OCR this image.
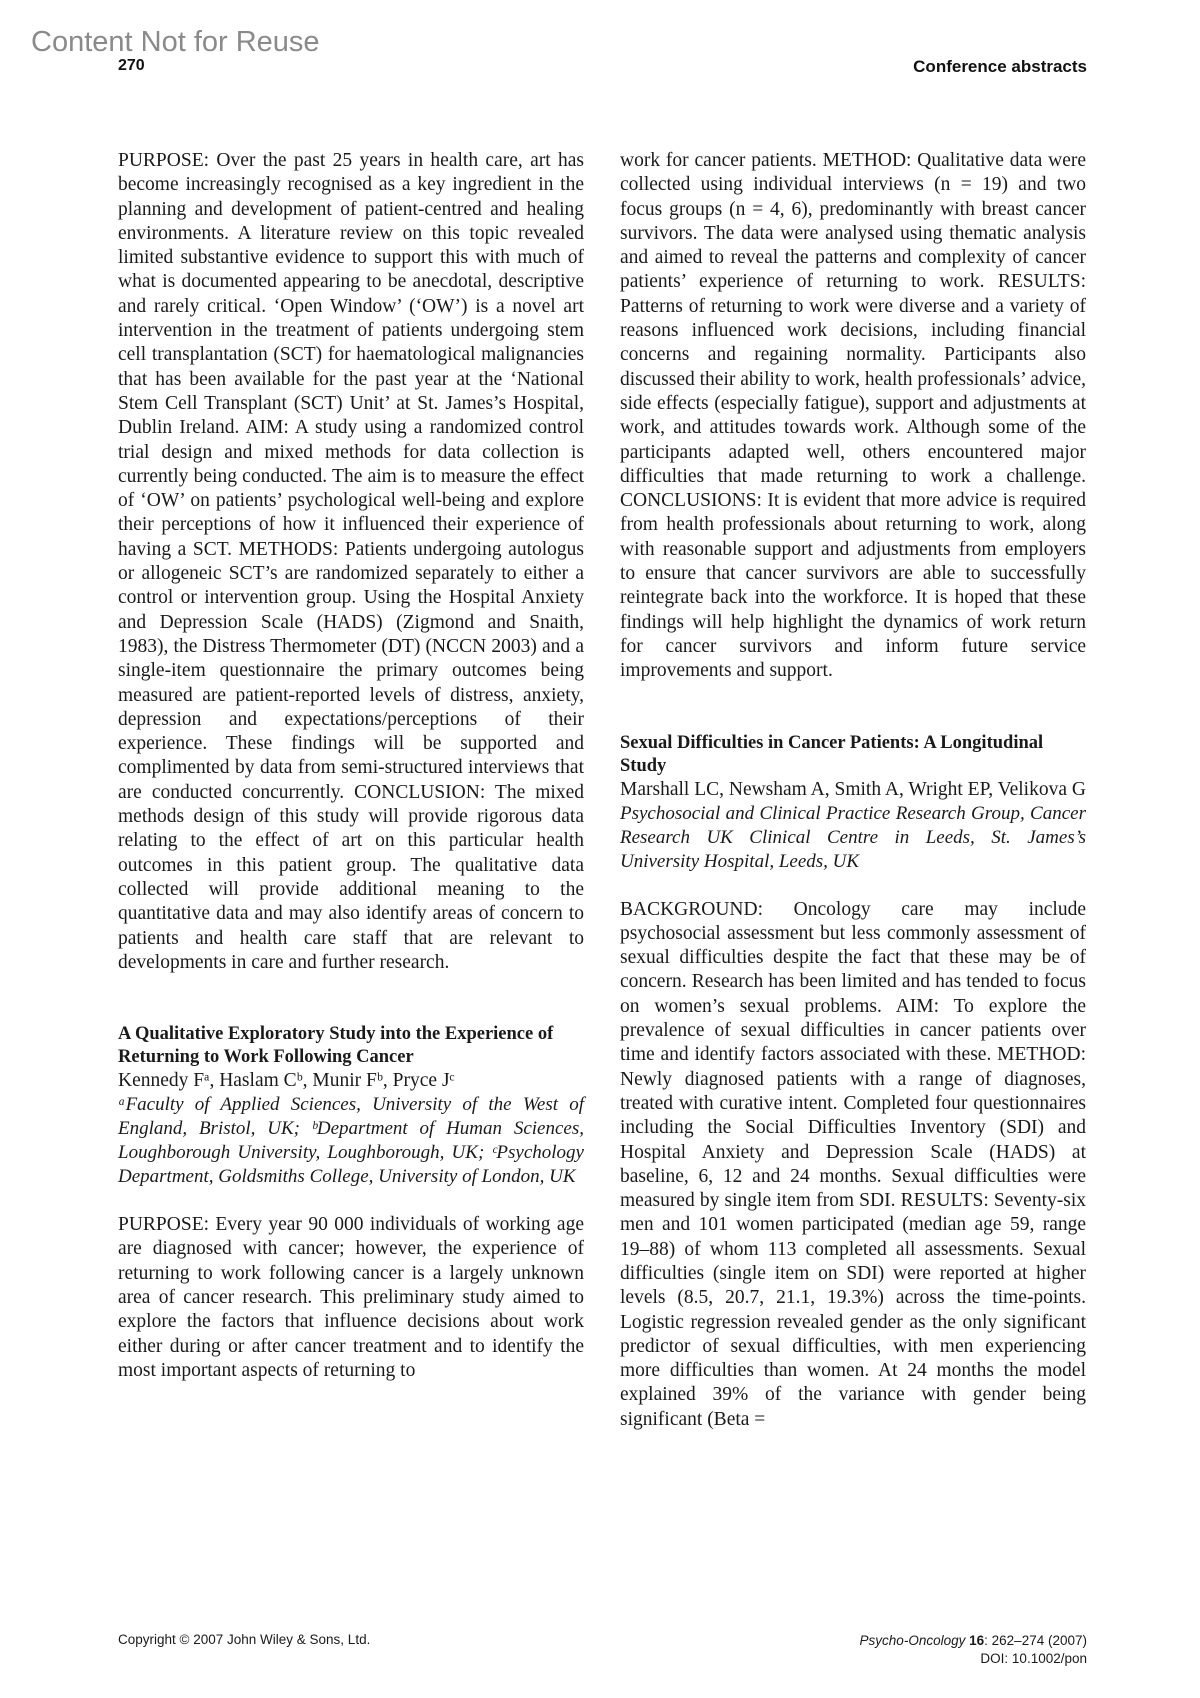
Content Not for Reuse
270	Conference abstracts

PURPOSE: Over the past 25 years in health care, art has become increasingly recognised as a key ingredient in the planning and development of patient-centred and healing environments. A literature review on this topic revealed limited substantive evidence to support this with much of what is documented appearing to be anecdotal, descriptive and rarely critical. ‘Open Window’ (‘OW’) is a novel art intervention in the treatment of patients undergoing stem cell transplantation (SCT) for haematological malignancies that has been available for the past year at the ‘National Stem Cell Transplant (SCT) Unit’ at St. James’s Hospital, Dublin Ireland. AIM: A study using a randomized control trial design and mixed methods for data collection is currently being conducted. The aim is to measure the effect of ‘OW’ on patients’ psychological well-being and explore their perceptions of how it influenced their experience of having a SCT. METHODS: Patients undergoing autologus or allogeneic SCT’s are randomized separately to either a control or intervention group. Using the Hospital Anxiety and Depression Scale (HADS) (Zigmond and Snaith, 1983), the Distress Thermometer (DT) (NCCN 2003) and a single-item questionnaire the primary outcomes being measured are patient-reported levels of distress, anxiety, depression and expectations/perceptions of their experience. These findings will be supported and complimented by data from semi-structured interviews that are conducted concurrently. CONCLUSION: The mixed methods design of this study will provide rigorous data relating to the effect of art on this particular health outcomes in this patient group. The qualitative data collected will provide additional meaning to the quantitative data and may also identify areas of concern to patients and health care staff that are relevant to developments in care and further research.

A Qualitative Exploratory Study into the Experience of Returning to Work Following Cancer

Kennedy Fᵃ, Haslam Cᵇ, Munir Fᵇ, Pryce Jᶜ

ᵃFaculty of Applied Sciences, University of the West of England, Bristol, UK; ᵇDepartment of Human Sciences, Loughborough University, Loughborough, UK; ᶜPsychology Department, Goldsmiths College, University of London, UK

PURPOSE: Every year 90 000 individuals of working age are diagnosed with cancer; however, the experience of returning to work following cancer is a largely unknown area of cancer research. This preliminary study aimed to explore the factors that influence decisions about work either during or after cancer treatment and to identify the most important aspects of returning to

work for cancer patients. METHOD: Qualitative data were collected using individual interviews (n = 19) and two focus groups (n = 4, 6), predominantly with breast cancer survivors. The data were analysed using thematic analysis and aimed to reveal the patterns and complexity of cancer patients’ experience of returning to work. RESULTS: Patterns of returning to work were diverse and a variety of reasons influenced work decisions, including financial concerns and regaining normality. Participants also discussed their ability to work, health professionals’ advice, side effects (especially fatigue), support and adjustments at work, and attitudes towards work. Although some of the participants adapted well, others encountered major difficulties that made returning to work a challenge. CONCLUSIONS: It is evident that more advice is required from health professionals about returning to work, along with reasonable support and adjustments from employers to ensure that cancer survivors are able to successfully reintegrate back into the workforce. It is hoped that these findings will help highlight the dynamics of work return for cancer survivors and inform future service improvements and support.

Sexual Difficulties in Cancer Patients: A Longitudinal Study

Marshall LC, Newsham A, Smith A, Wright EP, Velikova G

Psychosocial and Clinical Practice Research Group, Cancer Research UK Clinical Centre in Leeds, St. James’s University Hospital, Leeds, UK

BACKGROUND: Oncology care may include psychosocial assessment but less commonly assessment of sexual difficulties despite the fact that these may be of concern. Research has been limited and has tended to focus on women’s sexual problems. AIM: To explore the prevalence of sexual difficulties in cancer patients over time and identify factors associated with these. METHOD: Newly diagnosed patients with a range of diagnoses, treated with curative intent. Completed four questionnaires including the Social Difficulties Inventory (SDI) and Hospital Anxiety and Depression Scale (HADS) at baseline, 6, 12 and 24 months. Sexual difficulties were measured by single item from SDI. RESULTS: Seventy-six men and 101 women participated (median age 59, range 19–88) of whom 113 completed all assessments. Sexual difficulties (single item on SDI) were reported at higher levels (8.5, 20.7, 21.1, 19.3%) across the time-points. Logistic regression revealed gender as the only significant predictor of sexual difficulties, with men experiencing more difficulties than women. At 24 months the model explained 39% of the variance with gender being significant (Beta =

Copyright © 2007 John Wiley & Sons, Ltd.	Psycho-Oncology 16: 262–274 (2007)
DOI: 10.1002/pon
